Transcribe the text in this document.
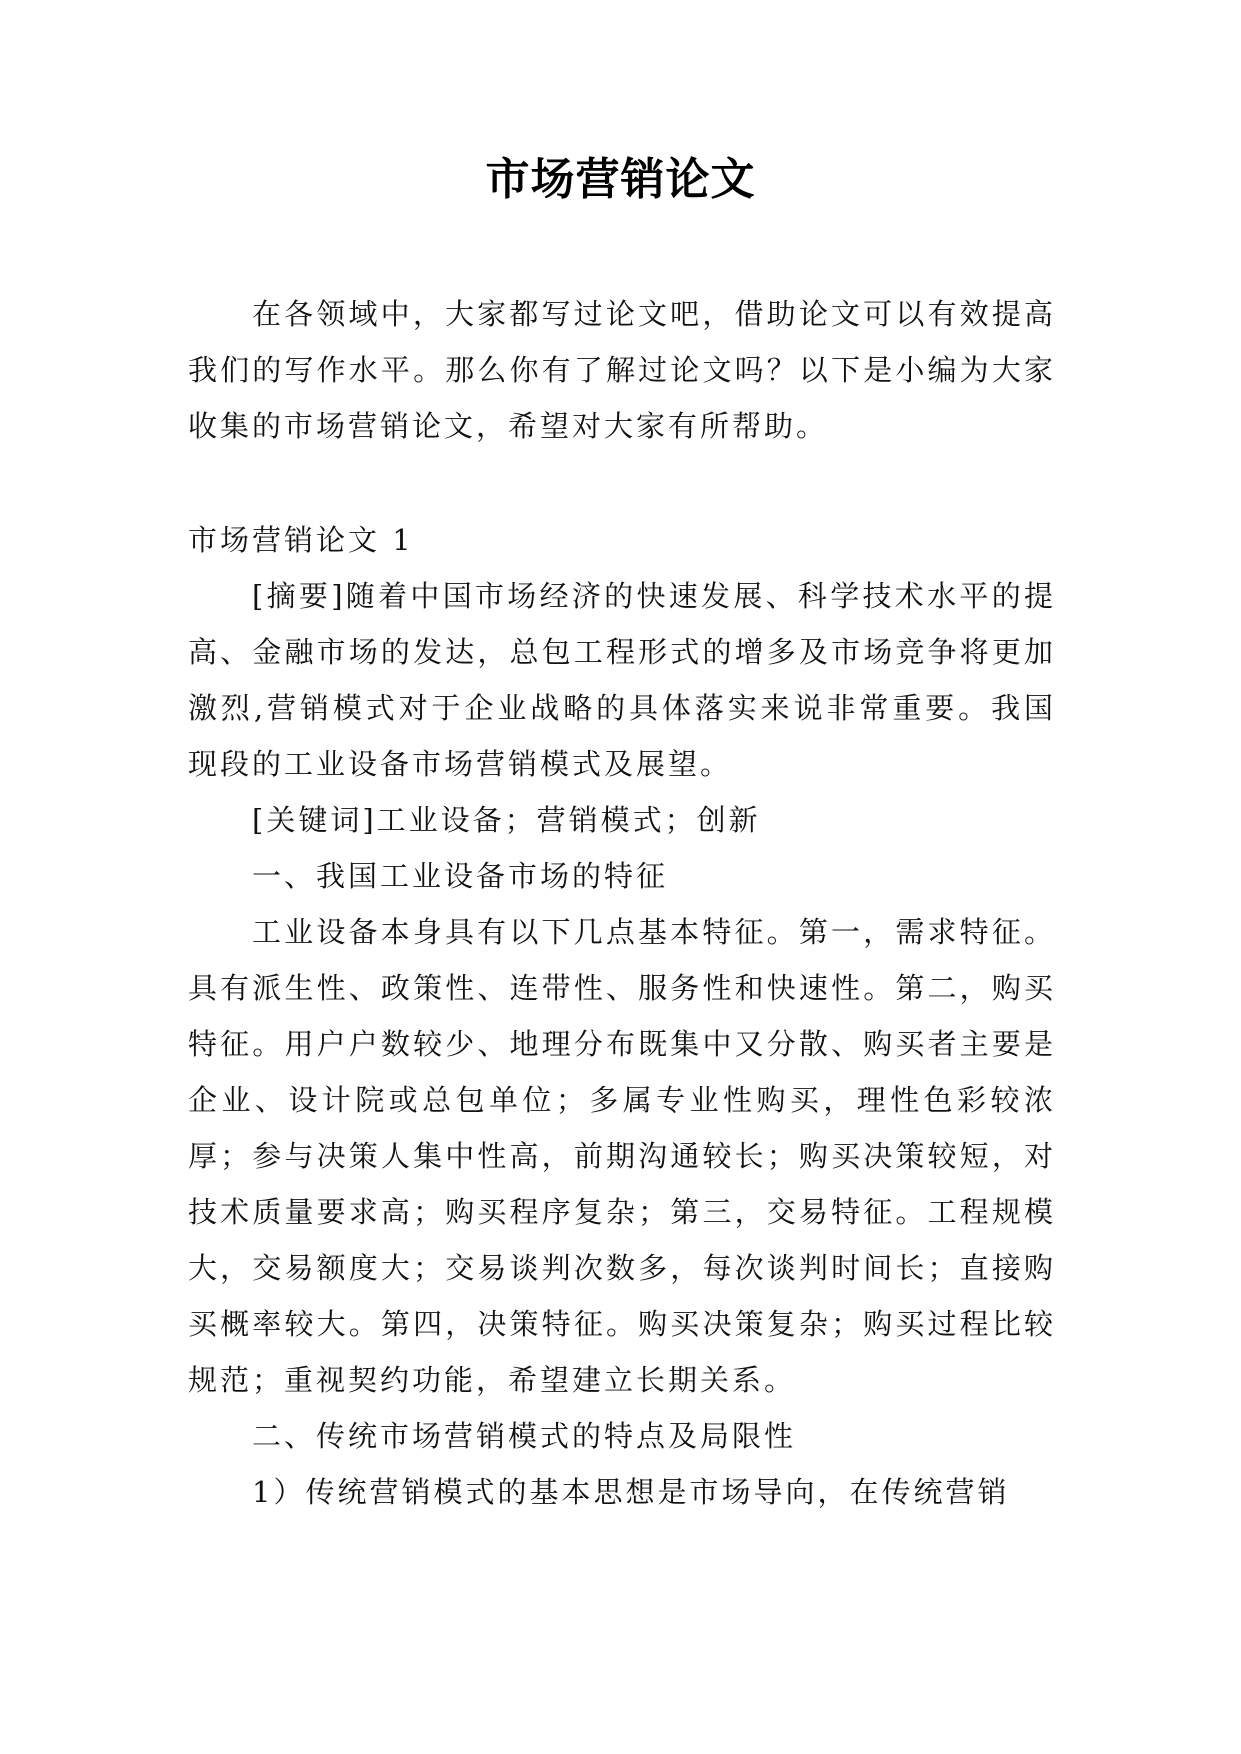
市场营销论文

在各领域中，大家都写过论文吧，借助论文可以有效提高我们的写作水平。那么你有了解过论文吗？以下是小编为大家收集的市场营销论文，希望对大家有所帮助。

市场营销论文 1

[摘要]随着中国市场经济的快速发展、科学技术水平的提高、金融市场的发达，总包工程形式的增多及市场竞争将更加激烈,营销模式对于企业战略的具体落实来说非常重要。我国现段的工业设备市场营销模式及展望。

[关键词]工业设备；营销模式；创新

一、我国工业设备市场的特征

工业设备本身具有以下几点基本特征。第一，需求特征。具有派生性、政策性、连带性、服务性和快速性。第二，购买特征。用户户数较少、地理分布既集中又分散、购买者主要是企业、设计院或总包单位；多属专业性购买，理性色彩较浓厚；参与决策人集中性高，前期沟通较长；购买决策较短，对技术质量要求高；购买程序复杂；第三，交易特征。工程规模大，交易额度大；交易谈判次数多，每次谈判时间长；直接购买概率较大。第四，决策特征。购买决策复杂；购买过程比较规范；重视契约功能，希望建立长期关系。

二、传统市场营销模式的特点及局限性

1）传统营销模式的基本思想是市场导向，在传统营销
